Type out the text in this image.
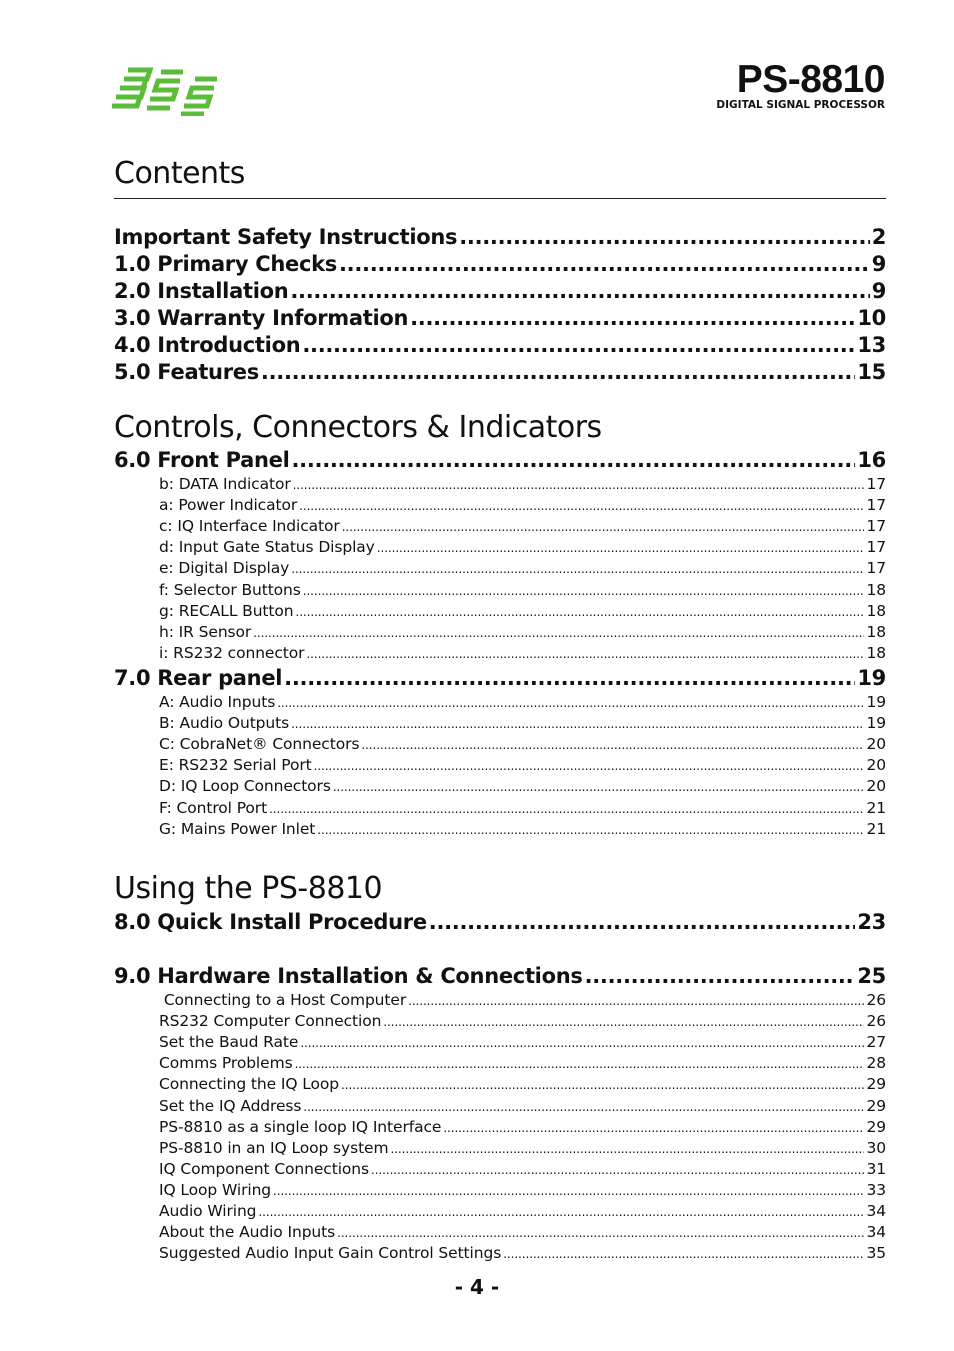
PS-8810
DIGITAL SIGNAL PROCESSOR
Contents
Important Safety Instructions .....	2
1.0 Primary Checks .....	9
2.0 Installation .....	9
3.0 Warranty Information .....	10
4.0 Introduction .....	13
5.0 Features .....	15
Controls, Connectors & Indicators
6.0 Front Panel .....	16
b: DATA Indicator .....	17
a: Power Indicator .....	17
c: IQ Interface Indicator .....	17
d: Input Gate Status Display .....	17
e: Digital Display .....	17
f: Selector Buttons .....	18
g: RECALL Button .....	18
h: IR Sensor .....	18
i: RS232 connector .....	18
7.0 Rear panel .....	19
A: Audio Inputs .....	19
B: Audio Outputs .....	19
C: CobraNet® Connectors .....	20
E: RS232 Serial Port .....	20
D: IQ Loop Connectors .....	20
F: Control Port .....	21
G: Mains Power Inlet .....	21
Using the PS-8810
8.0 Quick Install Procedure .....	23
9.0 Hardware Installation & Connections .....	25
Connecting to a Host Computer .....	26
RS232 Computer Connection .....	26
Set the Baud Rate .....	27
Comms Problems .....	28
Connecting the IQ Loop .....	29
Set the IQ Address .....	29
PS-8810 as a single loop IQ Interface .....	29
PS-8810 in an IQ Loop system .....	30
IQ Component Connections .....	31
IQ Loop Wiring .....	33
Audio Wiring .....	34
About the Audio Inputs .....	34
Suggested Audio Input Gain Control Settings .....	35
- 4 -
